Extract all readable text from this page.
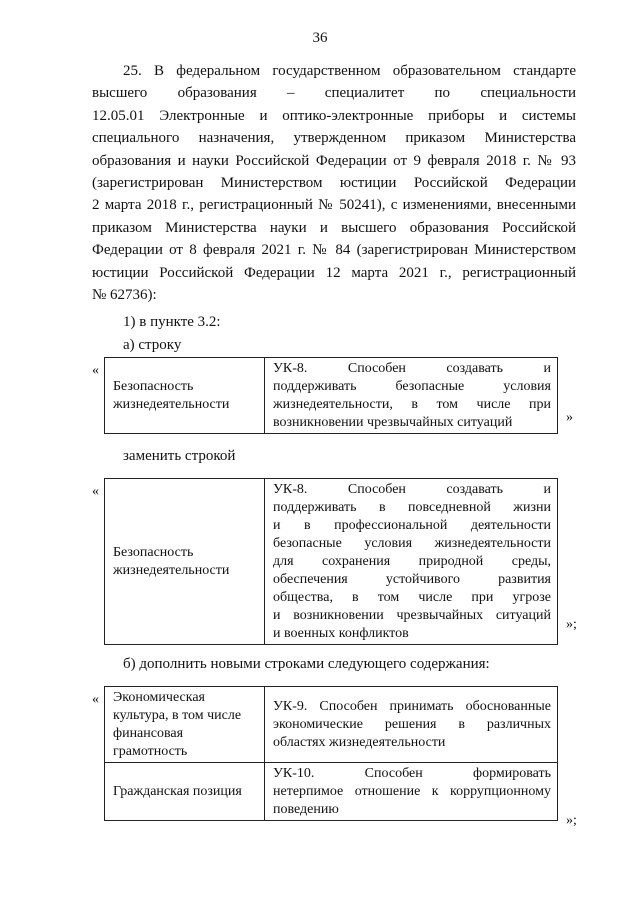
36
25. В федеральном государственном образовательном стандарте
высшего образования – специалитет по специальности
12.05.01 Электронные и оптико-электронные приборы и системы
специального назначения, утвержденном приказом Министерства
образования и науки Российской Федерации от 9 февраля 2018 г. № 93
(зарегистрирован Министерством юстиции Российской Федерации
2 марта 2018 г., регистрационный № 50241), с изменениями, внесенными
приказом Министерства науки и высшего образования Российской
Федерации от 8 февраля 2021 г. № 84 (зарегистрирован Министерством
юстиции Российской Федерации 12 марта 2021 г., регистрационный
№ 62736):
1) в пункте 3.2:
а) строку
«
Безопасность
жизнедеятельности

УК-8. Способен создавать и
поддерживать безопасные условия
жизнедеятельности, в том числе при
возникновении чрезвычайных ситуаций	»
заменить строкой
«
Безопасность
жизнедеятельности

УК-8. Способен создавать и
поддерживать в повседневной жизни
и в профессиональной деятельности
безопасные условия жизнедеятельности
для сохранения природной среды,
обеспечения устойчивого развития
общества, в том числе при угрозе
и возникновении чрезвычайных ситуаций
и военных конфликтов
»;
б) дополнить новыми строками следующего содержания:
« Экономическая
культура, в том числе
финансовая
грамотность	УК-9. Способен принимать обоснованные
экономические решения в различных
областях жизнедеятельности

Гражданская позиция	УК-10. Способен формировать
нетерпимое отношение к коррупционному
поведению
»;
